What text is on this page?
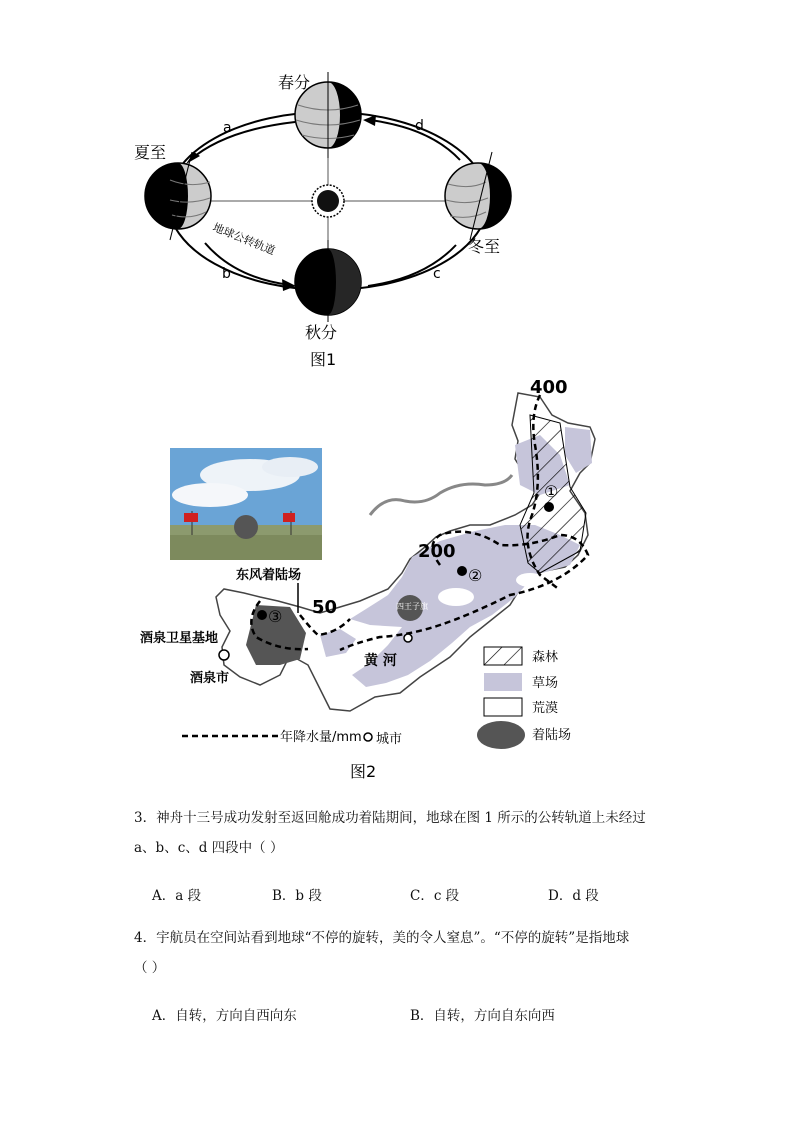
春分
夏至
冬至
秋分
a	d
b	c
地球公转轨道
图1
400
200
50
①
②
③
东风着陆场
酒泉卫星基地
酒泉市
黄 河
四王子旗
森林
草场
荒漠
着陆场
年降水量/mm 城市
图2
3．神舟十三号成功发射至返回舱成功着陆期间，地球在图 1 所示的公转轨道上未经过
a、b、c、d 四段中（ ）
A．a 段	B．b 段	C．c 段	D．d 段
4．宇航员在空间站看到地球“不停的旋转，美的令人窒息”。“不停的旋转”是指地球
（ ）
A．自转，方向自西向东	B．自转，方向自东向西
